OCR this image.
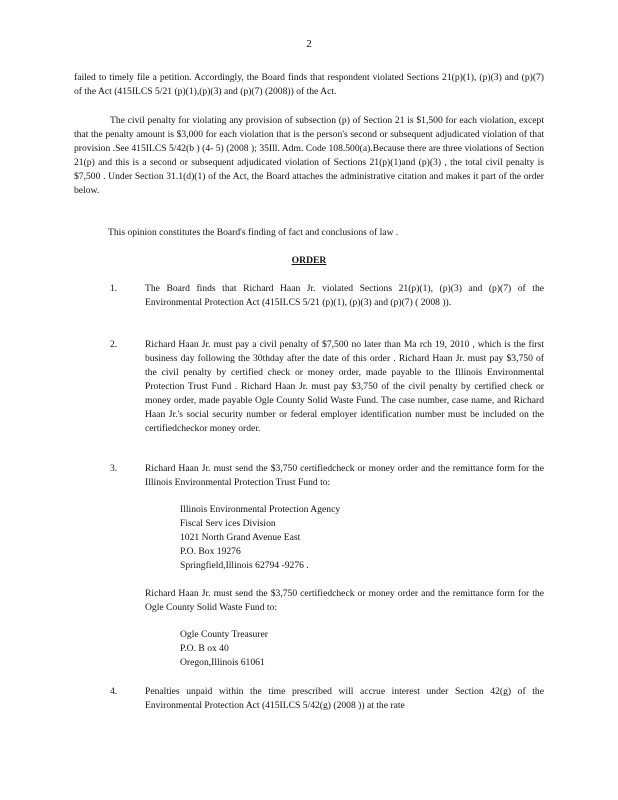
2

failed to timely file a petition. Accordingly, the Board finds that respondent violated Sections 21(p)(1), (p)(3) and (p)(7) of the Act (415ILCS 5/21 (p)(1),(p)(3) and (p)(7) (2008)) of the Act.

The civil penalty for violating any provision of subsection (p) of Section 21 is $1,500 for each violation, except that the penalty amount is $3,000 for each violation that is the person's second or subsequent adjudicated violation of that provision .See 415ILCS 5/42(b ) (4- 5) (2008 ); 35Ill. Adm. Code 108.500(a).Because there are three violations of Section 21(p) and this is a second or subsequent adjudicated violation of Sections 21(p)(1)and (p)(3) , the total civil penalty is $7,500 . Under Section 31.1(d)(1) of the Act, the Board attaches the administrative citation and makes it part of the order below.

This opinion constitutes the Board's finding of fact and conclusions of law .

ORDER
1.	The Board finds that Richard Haan Jr. violated Sections 21(p)(1), (p)(3) and (p)(7) of the Environmental Protection Act (415ILCS 5/21 (p)(1), (p)(3) and (p)(7) ( 2008 )).

2.	Richard Haan Jr. must pay a civil penalty of $7,500 no later than Ma rch 19, 2010 , which is the first business day following the 30thday after the date of this order . Richard Haan Jr. must pay $3,750 of the civil penalty by certified check or money order, made payable to the Illinois Environmental Protection Trust Fund . Richard Haan Jr. must pay $3,750 of the civil penalty by certified check or money order, made payable Ogle County Solid Waste Fund. The case number, case name, and Richard Haan Jr.'s social security number or federal employer identification number must be included on the certifiedcheckor money order.

3.	Richard Haan Jr. must send the $3,750 certifiedcheck or money order and the remittance form for the Illinois Environmental Protection Trust Fund to:

Illinois Environmental Protection Agency
Fiscal Serv ices Division
1021 North Grand Avenue East
P.O. Box 19276
Springfield,Illinois 62794 -9276 .

Richard Haan Jr. must send the $3,750 certifiedcheck or money order and the remittance form for the Ogle County Solid Waste Fund to:

Ogle County Treasurer
P.O. B ox 40
Oregon,Illinois 61061
4.	Penalties unpaid within the time prescribed will accrue interest under Section 42(g) of the Environmental Protection Act (415ILCS 5/42(g) (2008 )) at the rate
